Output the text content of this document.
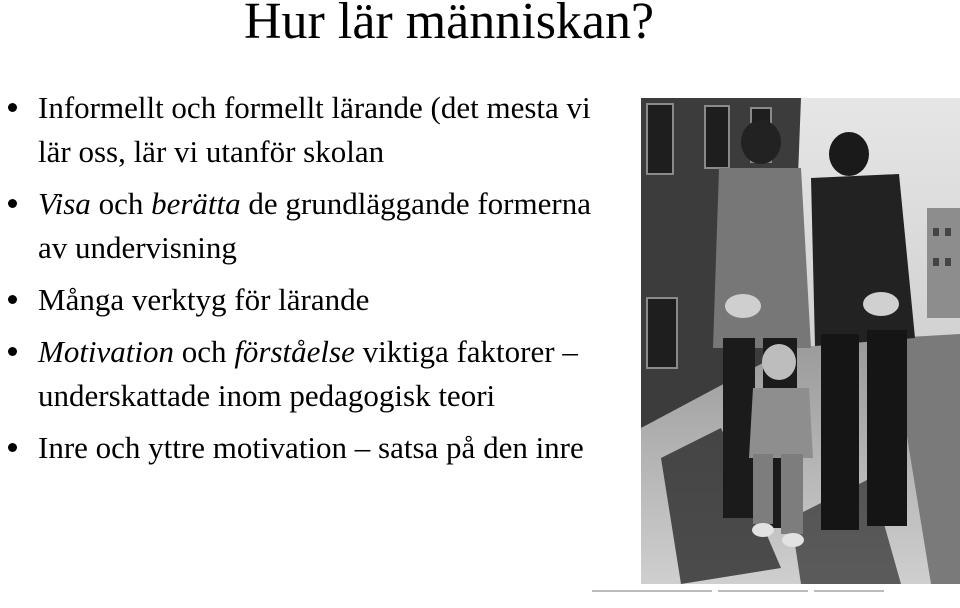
Hur lär människan?
Informellt och formellt lärande (det mesta vi lär oss, lär vi utanför skolan
Visa och berätta de grundläggande formerna av undervisning
Många verktyg för lärande
Motivation och förståelse viktiga faktorer – underskattade inom pedagogisk teori
Inre och yttre motivation – satsa på den inre
